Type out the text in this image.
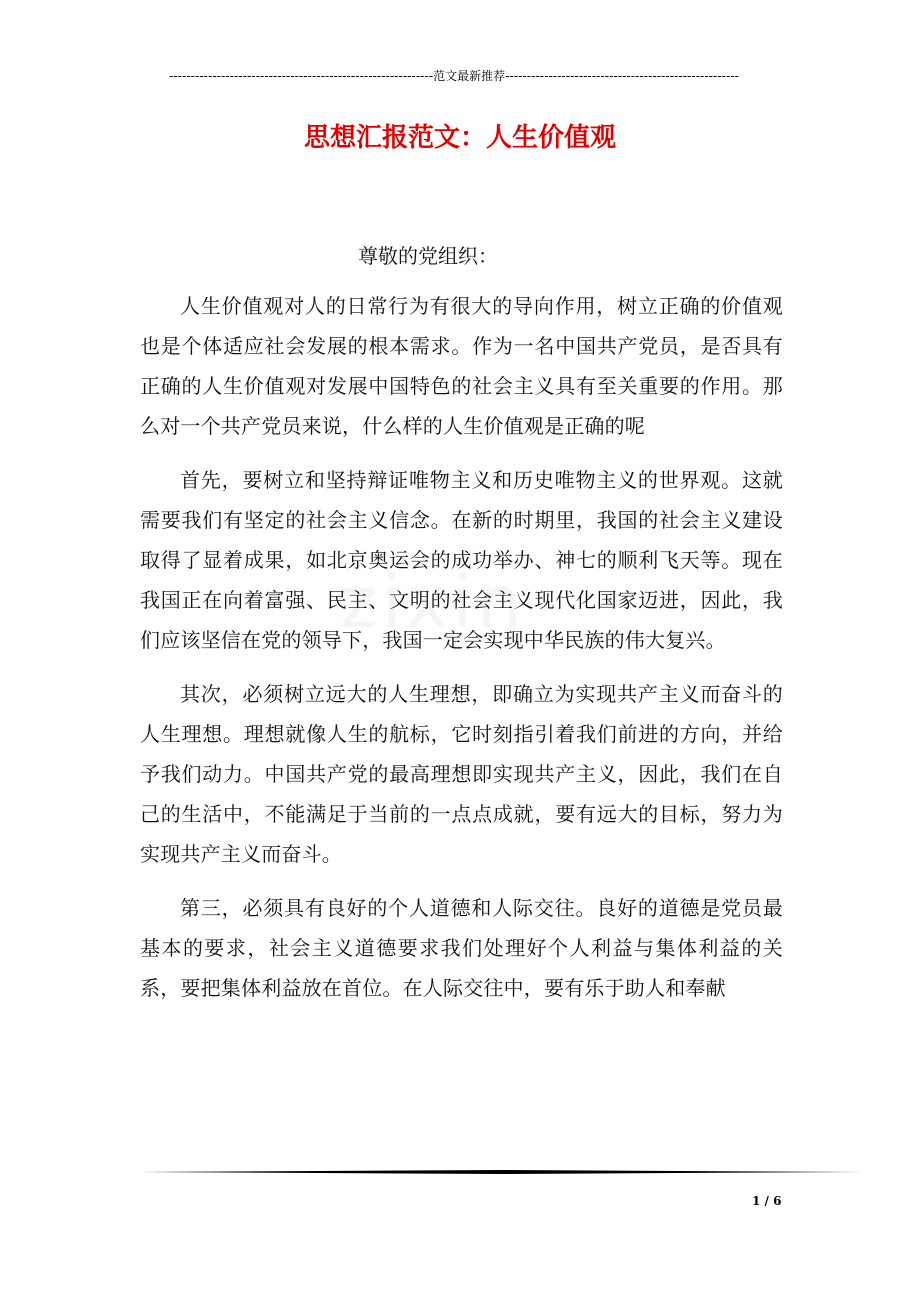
-------------------------------------------------------------范文最新推荐------------------------------------------------------
思想汇报范文：人生价值观
尊敬的党组织：

人生价值观对人的日常行为有很大的导向作用，树立正确的价值观也是个体适应社会发展的根本需求。作为一名中国共产党员，是否具有正确的人生价值观对发展中国特色的社会主义具有至关重要的作用。那么对一个共产党员来说，什么样的人生价值观是正确的呢

首先，要树立和坚持辩证唯物主义和历史唯物主义的世界观。这就需要我们有坚定的社会主义信念。在新的时期里，我国的社会主义建设取得了显着成果，如北京奥运会的成功举办、神七的顺利飞天等。现在我国正在向着富强、民主、文明的社会主义现代化国家迈进，因此，我们应该坚信在党的领导下，我国一定会实现中华民族的伟大复兴。

其次，必须树立远大的人生理想，即确立为实现共产主义而奋斗的人生理想。理想就像人生的航标，它时刻指引着我们前进的方向，并给予我们动力。中国共产党的最高理想即实现共产主义，因此，我们在自己的生活中，不能满足于当前的一点点成就，要有远大的目标，努力为实现共产主义而奋斗。

第三，必须具有良好的个人道德和人际交往。良好的道德是党员最基本的要求，社会主义道德要求我们处理好个人利益与集体利益的关系，要把集体利益放在首位。在人际交往中，要有乐于助人和奉献

1 / 6
